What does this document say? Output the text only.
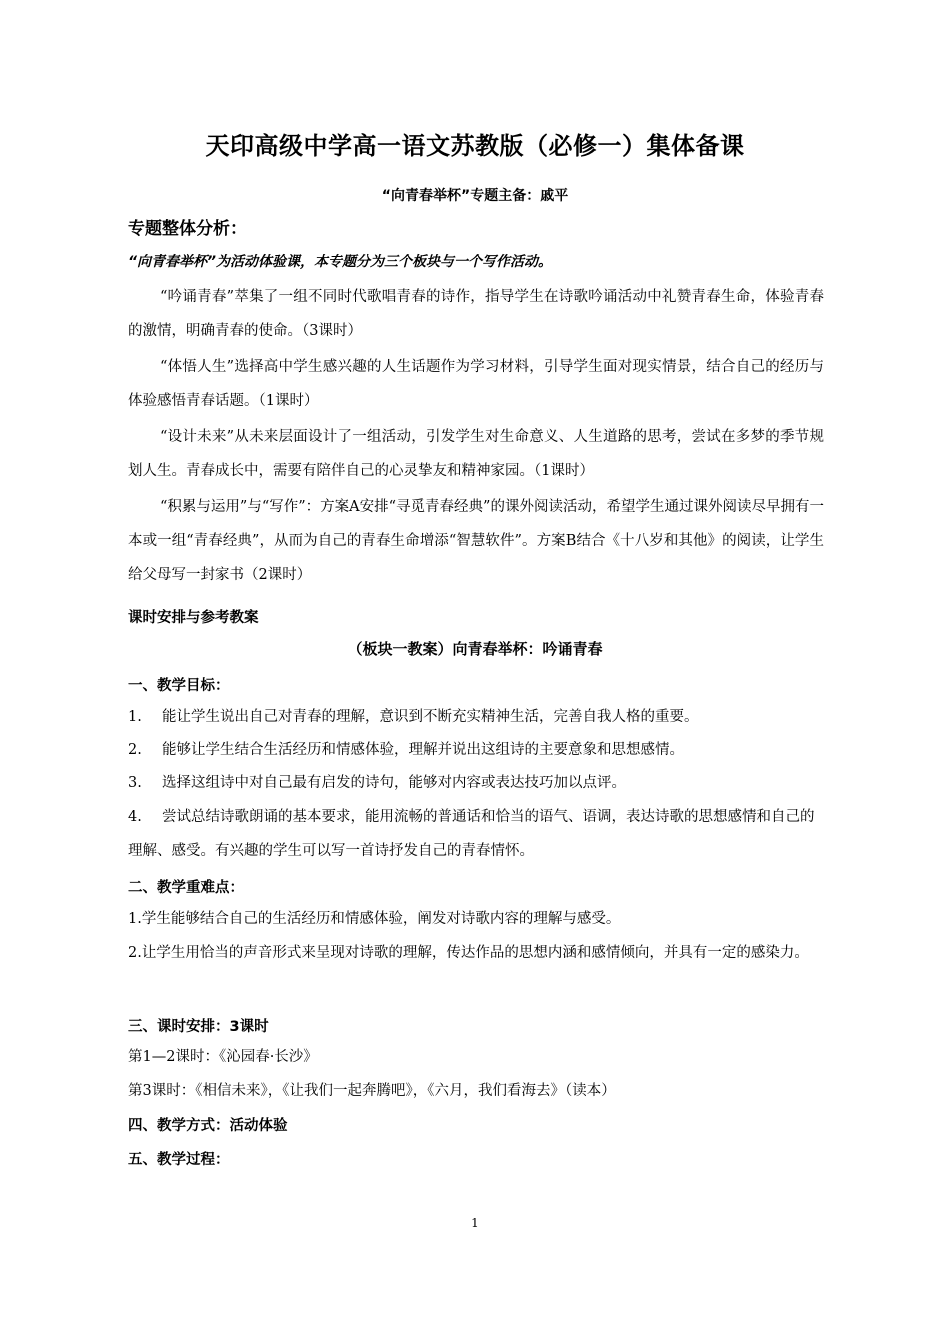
天印高级中学高一语文苏教版（必修一）集体备课
“向青春举杯”专题主备：戚平
专题整体分析：
“向青春举杯”为活动体验课，本专题分为三个板块与一个写作活动。
“吟诵青春”萃集了一组不同时代歌唱青春的诗作，指导学生在诗歌吟诵活动中礼赞青春生命，体验青春的激情，明确青春的使命。（3课时）
“体悟人生”选择高中学生感兴趣的人生话题作为学习材料，引导学生面对现实情景，结合自己的经历与体验感悟青春话题。（1课时）
“设计未来”从未来层面设计了一组活动，引发学生对生命意义、人生道路的思考，尝试在多梦的季节规划人生。青春成长中，需要有陪伴自己的心灵挚友和精神家园。（1课时）
“积累与运用”与“写作”：方案A安排“寻觅青春经典”的课外阅读活动，希望学生通过课外阅读尽早拥有一本或一组“青春经典”，从而为自己的青春生命增添“智慧软件”。方案B结合《十八岁和其他》的阅读，让学生给父母写一封家书（2课时）
课时安排与参考教案
（板块一教案）向青春举杯：吟诵青春
一、教学目标：
1. 能让学生说出自己对青春的理解，意识到不断充实精神生活，完善自我人格的重要。
2. 能够让学生结合生活经历和情感体验，理解并说出这组诗的主要意象和思想感情。
3. 选择这组诗中对自己最有启发的诗句，能够对内容或表达技巧加以点评。
4. 尝试总结诗歌朗诵的基本要求，能用流畅的普通话和恰当的语气、语调，表达诗歌的思想感情和自己的理解、感受。有兴趣的学生可以写一首诗抒发自己的青春情怀。
二、教学重难点：
1.学生能够结合自己的生活经历和情感体验，阐发对诗歌内容的理解与感受。
2.让学生用恰当的声音形式来呈现对诗歌的理解，传达作品的思想内涵和感情倾向，并具有一定的感染力。
三、课时安排：3课时
第1—2课时：《沁园春·长沙》
第3课时：《相信未来》，《让我们一起奔腾吧》，《六月，我们看海去》（读本）
四、教学方式：活动体验
五、教学过程：
1
